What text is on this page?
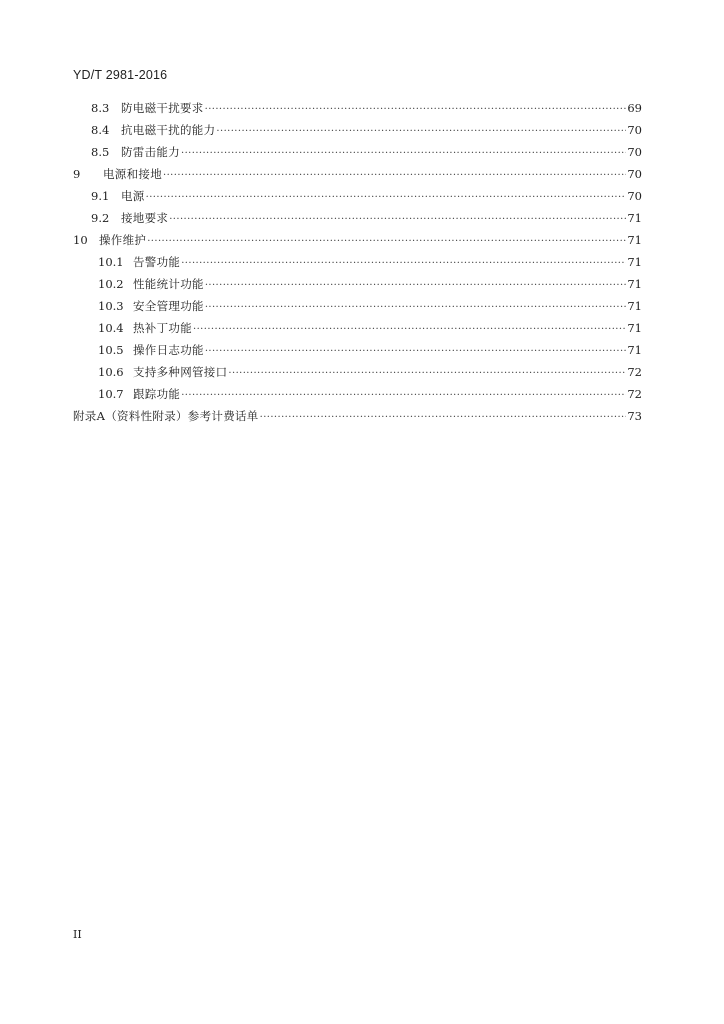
YD/T 2981-2016
8.3	防电磁干扰要求 ·····	69
8.4	抗电磁干扰的能力 ·····	70
8.5	防雷击能力 ·····	70
9	电源和接地 ·····	70
9.1	电源 ·····	70
9.2	接地要求 ·····	71
10 操作维护 ·····	71
10.1 告警功能 ·····	71
10.2 性能统计功能 ·····	71
10.3 安全管理功能 ·····	71
10.4 热补丁功能 ·····	71
10.5 操作日志功能 ·····	71
10.6 支持多种网管接口 ·····	72
10.7 跟踪功能 ·····	72
附录A（资料性附录）参考计费话单 ·····	73
II
